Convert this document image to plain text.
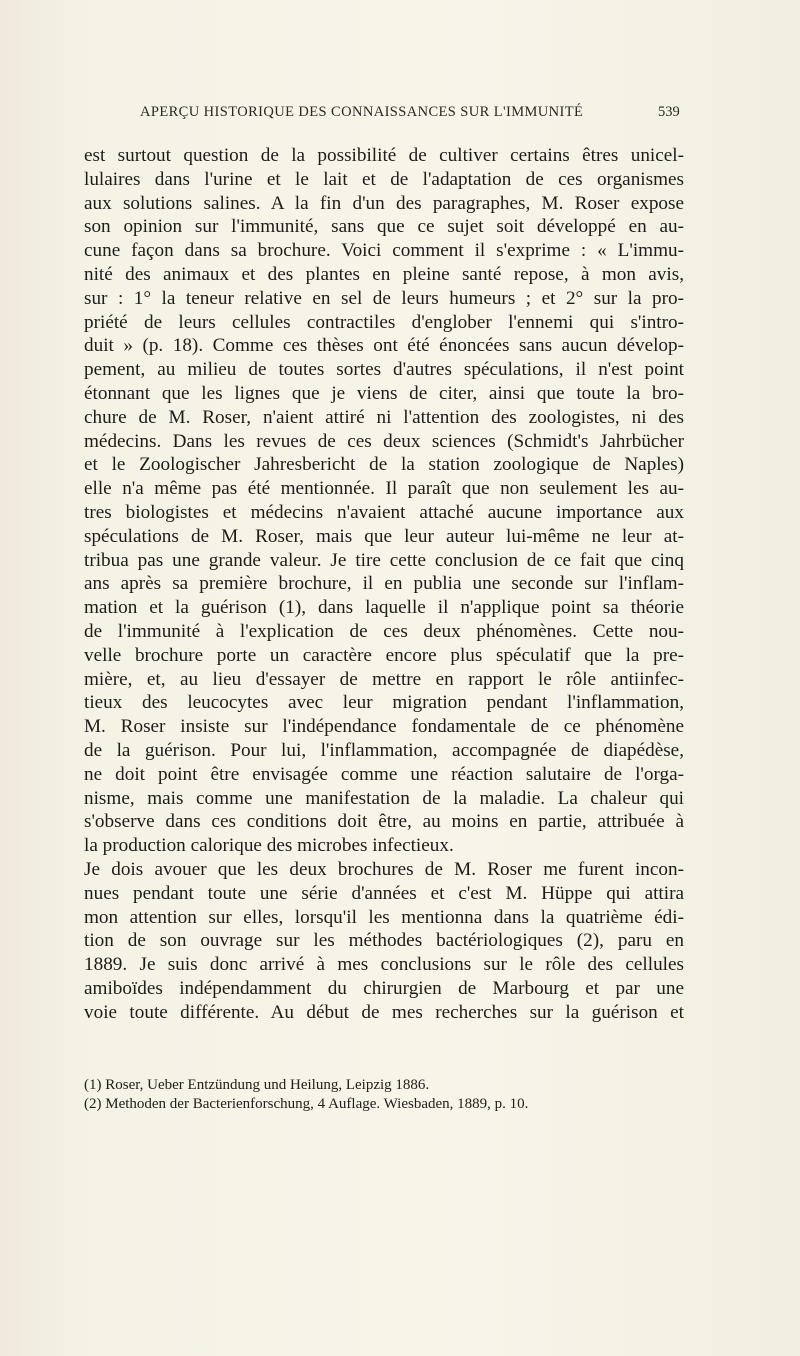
APERÇU HISTORIQUE DES CONNAISSANCES SUR L'IMMUNITÉ	539
est surtout question de la possibilité de cultiver certains êtres unicel-
lulaires dans l'urine et le lait et de l'adaptation de ces organismes
aux solutions salines. A la fin d'un des paragraphes, M. Roser expose
son opinion sur l'immunité, sans que ce sujet soit développé en au-
cune façon dans sa brochure. Voici comment il s'exprime : « L'immu-
nité des animaux et des plantes en pleine santé repose, à mon avis,
sur : 1° la teneur relative en sel de leurs humeurs ; et 2° sur la pro-
priété de leurs cellules contractiles d'englober l'ennemi qui s'intro-
duit » (p. 18). Comme ces thèses ont été énoncées sans aucun dévelop-
pement, au milieu de toutes sortes d'autres spéculations, il n'est point
étonnant que les lignes que je viens de citer, ainsi que toute la bro-
chure de M. Roser, n'aient attiré ni l'attention des zoologistes, ni des
médecins. Dans les revues de ces deux sciences (Schmidt's Jahrbücher
et le Zoologischer Jahresbericht de la station zoologique de Naples)
elle n'a même pas été mentionnée. Il paraît que non seulement les au-
tres biologistes et médecins n'avaient attaché aucune importance aux
spéculations de M. Roser, mais que leur auteur lui-même ne leur at-
tribua pas une grande valeur. Je tire cette conclusion de ce fait que cinq
ans après sa première brochure, il en publia une seconde sur l'inflam-
mation et la guérison (1), dans laquelle il n'applique point sa théorie
de l'immunité à l'explication de ces deux phénomènes. Cette nou-
velle brochure porte un caractère encore plus spéculatif que la pre-
mière, et, au lieu d'essayer de mettre en rapport le rôle antiinfec-
tieux des leucocytes avec leur migration pendant l'inflammation,
M. Roser insiste sur l'indépendance fondamentale de ce phénomène
de la guérison. Pour lui, l'inflammation, accompagnée de diapédèse,
ne doit point être envisagée comme une réaction salutaire de l'orga-
nisme, mais comme une manifestation de la maladie. La chaleur qui
s'observe dans ces conditions doit être, au moins en partie, attribuée à
la production calorique des microbes infectieux.
Je dois avouer que les deux brochures de M. Roser me furent incon-
nues pendant toute une série d'années et c'est M. Hüppe qui attira
mon attention sur elles, lorsqu'il les mentionna dans la quatrième édi-
tion de son ouvrage sur les méthodes bactériologiques (2), paru en
1889. Je suis donc arrivé à mes conclusions sur le rôle des cellules
amiboïdes indépendamment du chirurgien de Marbourg et par une
voie toute différente. Au début de mes recherches sur la guérison et
(1) Roser, Ueber Entzündung und Heilung, Leipzig 1886.
(2) Methoden der Bacterienforschung, 4 Auflage. Wiesbaden, 1889, p. 10.
